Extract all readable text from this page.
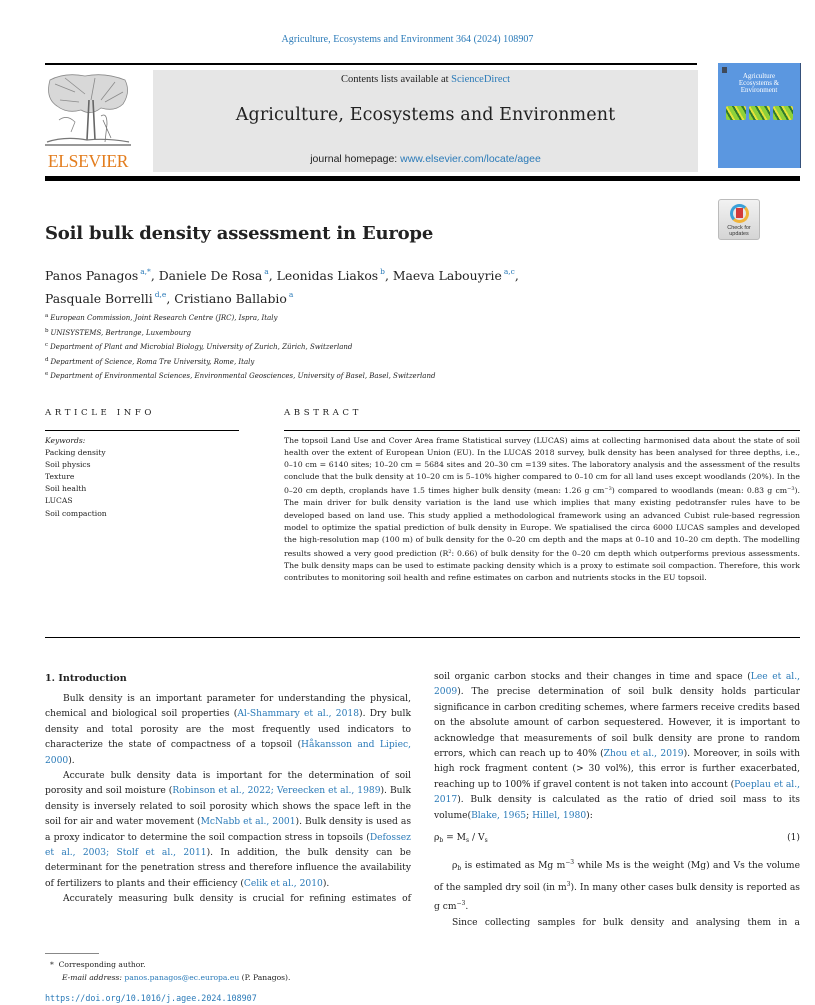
Agriculture, Ecosystems and Environment 364 (2024) 108907
ELSEVIER
Contents lists available at ScienceDirect
Agriculture, Ecosystems and Environment
journal homepage: www.elsevier.com/locate/agee
Agriculture
Ecosystems &
Environment
Check for
updates
Soil bulk density assessment in Europe
Panos Panagos $^{a,*}$, Daniele De Rosa $^a$, Leonidas Liakos $^b$, Maeva Labouyrie $^{a,c}$,
Pasquale Borrelli $^{d,e}$, Cristiano Ballabio $^a$
$^a$ European Commission, Joint Research Centre (JRC), Ispra, Italy
$^b$ UNISYSTEMS, Bertrange, Luxembourg
$^c$ Department of Plant and Microbial Biology, University of Zurich, Zürich, Switzerland
$^d$ Department of Science, Roma Tre University, Rome, Italy
$^e$ Department of Environmental Sciences, Environmental Geosciences, University of Basel, Basel, Switzerland
ARTICLE INFO	ABSTRACT
Keywords:
Packing density
Soil physics
Texture
Soil health
LUCAS
Soil compaction
The topsoil Land Use and Cover Area frame Statistical survey (LUCAS) aims at collecting harmonised data about the state of soil health over the extent of European Union (EU). In the LUCAS 2018 survey, bulk density has been analysed for three depths, i.e., 0–10 cm = 6140 sites; 10–20 cm = 5684 sites and 20–30 cm =139 sites. The laboratory analysis and the assessment of the results conclude that the bulk density at 10–20 cm is 5–10% higher compared to 0–10 cm for all land uses except woodlands (20%). In the 0–20 cm depth, croplands have 1.5 times higher bulk density (mean: 1.26 g $cm^{-3}$) compared to woodlands (mean: 0.83 g $cm^{-3}$). The main driver for bulk density variation is the land use which implies that many existing pedotransfer rules have to be developed based on land use. This study applied a methodological framework using an advanced Cubist rule-based regression model to optimize the spatial prediction of bulk density in Europe. We spatialised the circa 6000 LUCAS samples and developed the high-resolution map (100 m) of bulk density for the 0–20 cm depth and the maps at 0–10 and 10–20 cm depth. The modelling results showed a very good prediction ($R^2$: 0.66) of bulk density for the 0–20 cm depth which outperforms previous assessments. The bulk density maps can be used to estimate packing density which is a proxy to estimate soil compaction. Therefore, this work contributes to monitoring soil health and refine estimates on carbon and nutrients stocks in the EU topsoil.
1. Introduction

Bulk density is an important parameter for understanding the physical, chemical and biological soil properties (Al-Shammary et al., 2018). Dry bulk density and total porosity are the most frequently used indicators to characterize the state of compactness of a topsoil (Håkansson and Lipiec, 2000).

Accurate bulk density data is important for the determination of soil porosity and soil moisture (Robinson et al., 2022; Vereecken et al., 1989). Bulk density is inversely related to soil porosity which shows the space left in the soil for air and water movement (McNabb et al., 2001). Bulk density is used as a proxy indicator to determine the soil compaction stress in topsoils (Defossez et al., 2003; Stolf et al., 2011). In addition, the bulk density can be determinant for the penetration stress and therefore influence the availability of fertilizers to plants and their efficiency (Celik et al., 2010).

Accurately measuring bulk density is crucial for refining estimates of

soil organic carbon stocks and their changes in time and space (Lee et al., 2009). The precise determination of soil bulk density holds particular significance in carbon crediting schemes, where farmers receive credits based on the absolute amount of carbon sequestered. However, it is important to acknowledge that measurements of soil bulk density are prone to random errors, which can reach up to 40% (Zhou et al., 2019). Moreover, in soils with high rock fragment content (> 30 vol%), this error is further exacerbated, reaching up to 100% if gravel content is not taken into account (Poeplau et al., 2017). Bulk density is calculated as the ratio of dried soil mass to its volume(Blake, 1965; Hillel, 1980):

$\rho_b = M_s / V_s$	(1)

$\rho_b$ is estimated as Mg $m^{-3}$ while Ms is the weight (Mg) and Vs the volume of the sampled dry soil (in $m^3$). In many other cases bulk density is reported as g $cm^{-3}$.

Since collecting samples for bulk density and analysing them in a

* Corresponding author.
E-mail address: panos.panagos@ec.europa.eu (P. Panagos).
https://doi.org/10.1016/j.agee.2024.108907
